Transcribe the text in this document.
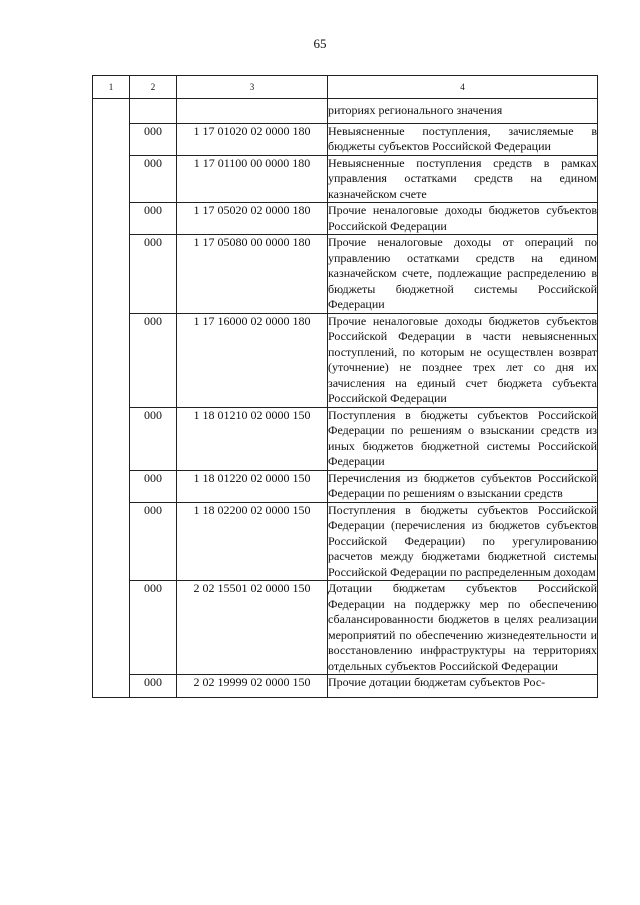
65
1	2	3	4
			риториях регионального значения
	000	1 17 01020 02 0000 180	Невыясненные поступления, зачисляемые в бюджеты субъектов Российской Федерации
	000	1 17 01100 00 0000 180	Невыясненные поступления средств в рамках управления остатками средств на едином казначейском счете
	000	1 17 05020 02 0000 180	Прочие неналоговые доходы бюджетов субъектов Российской Федерации
	000	1 17 05080 00 0000 180	Прочие неналоговые доходы от операций по управлению остатками средств на едином казначейском счете, подлежащие распределению в бюджеты бюджетной системы Российской Федерации
	000	1 17 16000 02 0000 180	Прочие неналоговые доходы бюджетов субъектов Российской Федерации в части невыясненных поступлений, по которым не осуществлен возврат (уточнение) не позднее трех лет со дня их зачисления на единый счет бюджета субъекта Российской Федерации
	000	1 18 01210 02 0000 150	Поступления в бюджеты субъектов Российской Федерации по решениям о взыскании средств из иных бюджетов бюджетной системы Российской Федерации
	000	1 18 01220 02 0000 150	Перечисления из бюджетов субъектов Российской Федерации по решениям о взыскании средств
	000	1 18 02200 02 0000 150	Поступления в бюджеты субъектов Российской Федерации (перечисления из бюджетов субъектов Российской Федерации) по урегулированию расчетов между бюджетами бюджетной системы Российской Федерации по распределенным доходам
	000	2 02 15501 02 0000 150	Дотации бюджетам субъектов Российской Федерации на поддержку мер по обеспечению сбалансированности бюджетов в целях реализации мероприятий по обеспечению жизнедеятельности и восстановлению инфраструктуры на территориях отдельных субъектов Российской Федерации
	000	2 02 19999 02 0000 150	Прочие дотации бюджетам субъектов Рос-
